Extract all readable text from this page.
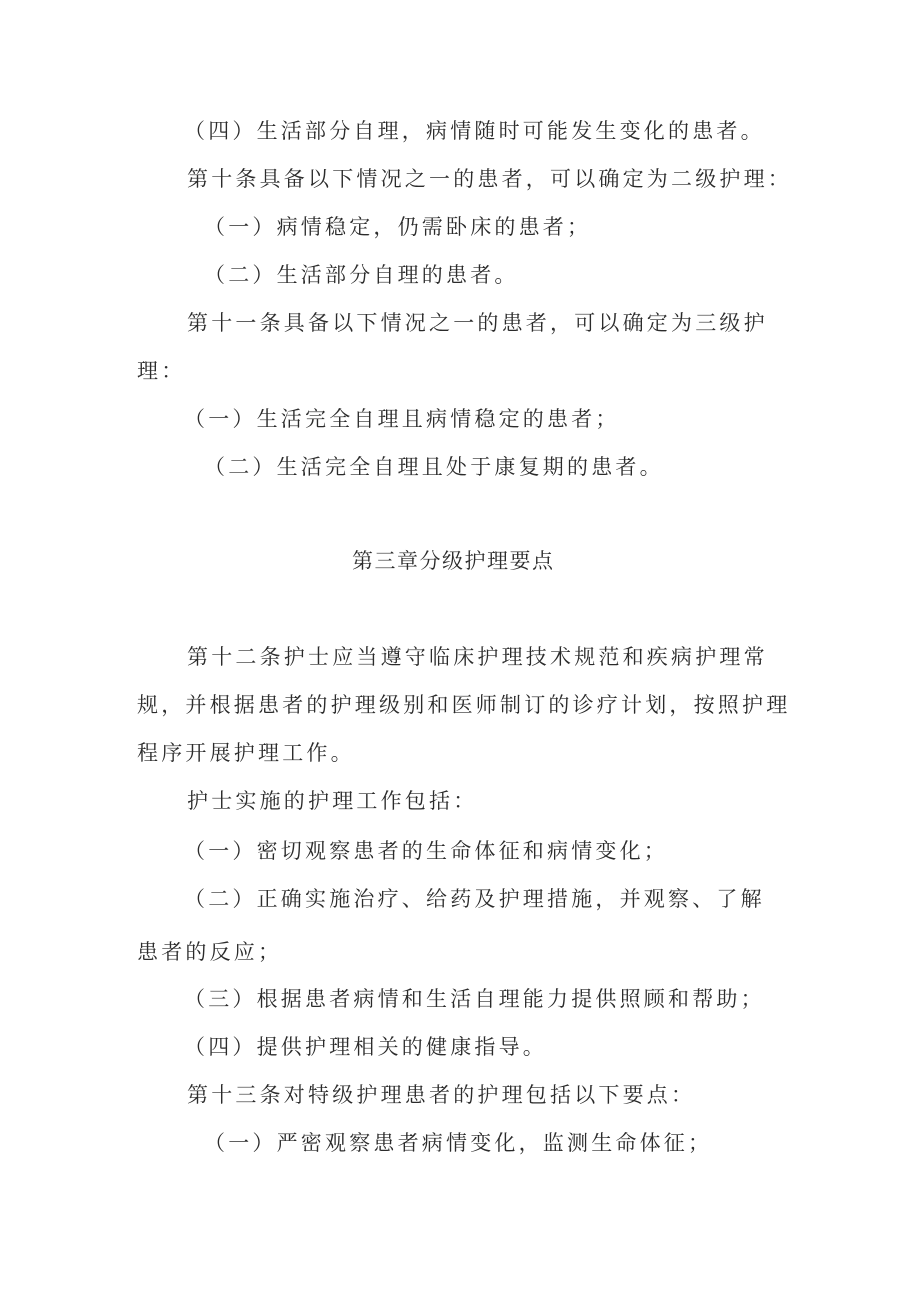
（四）生活部分自理，病情随时可能发生变化的患者。
第十条具备以下情况之一的患者，可以确定为二级护理：
（一）病情稳定，仍需卧床的患者；
（二）生活部分自理的患者。
第十一条具备以下情况之一的患者，可以确定为三级护
理：
（一）生活完全自理且病情稳定的患者；
（二）生活完全自理且处于康复期的患者。
第三章分级护理要点
第十二条护士应当遵守临床护理技术规范和疾病护理常
规，并根据患者的护理级别和医师制订的诊疗计划，按照护理
程序开展护理工作。
护士实施的护理工作包括：
（一）密切观察患者的生命体征和病情变化；
（二）正确实施治疗、给药及护理措施，并观察、了解
患者的反应；
（三）根据患者病情和生活自理能力提供照顾和帮助；
（四）提供护理相关的健康指导。
第十三条对特级护理患者的护理包括以下要点：
（一）严密观察患者病情变化，监测生命体征；
